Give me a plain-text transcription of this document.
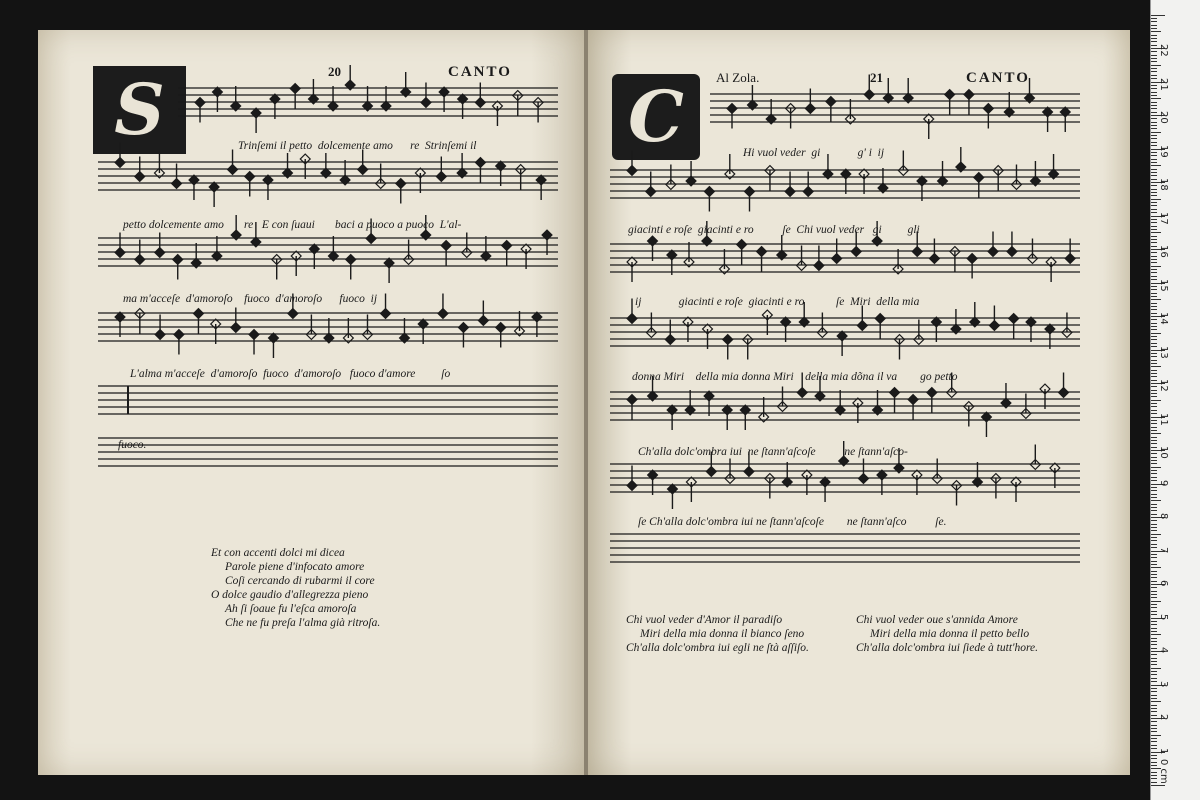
20	CANTO
S	Trinſemi il petto  dolcemente amo      re  Strinſemi il
petto dolcemente amo       re   E con ſuaui       baci a puoco a puoco  L'al-
ma m'acceſe  d'amoroſo    fuoco  d'amoroſo      fuoco  ij
L'alma m'acceſe  d'amoroſo  fuoco  d'amoroſo   fuoco d'amore         ſo
fuoco.
Et con accenti dolci mi dicea
Parole piene d'infocato amore
Coſi cercando di rubarmi il core
O dolce gaudio d'allegrezza pieno
Ah ſi ſoaue fu l'eſca amoroſa
Che ne fu preſa l'alma già ritroſa.
Al Zola.	21	CANTO
C	Hi vuol veder  gi             g' i  ij
giacinti e roſe  giacinti e ro          ſe  Chi vuol veder   gi         gli
ij             giacinti e roſe  giacinti e ro           ſe  Miri  della mia
donna Miri    della mia donna Miri    della mia dõna il va        go petto
Ch'alla dolc'ombra iui  ne ſtann'aſcoſe          ne ſtann'aſco-
ſe Ch'alla dolc'ombra iui ne ſtann'aſcoſe        ne ſtann'aſco          ſe.
Chi vuol veder d'Amor il paradiſo
Miri della mia donna il bianco ſeno
Ch'alla dolc'ombra iui egli ne ſtà aſſiſo.
Chi vuol veder oue s'annida Amore
Miri della mia donna il petto bello
Ch'alla dolc'ombra iui ſiede à tutt'hore.
0 cm
1
2
3
4
5
6
7
8
9
10
11
12
13
14
15
16
17
18
19
20
21
22
